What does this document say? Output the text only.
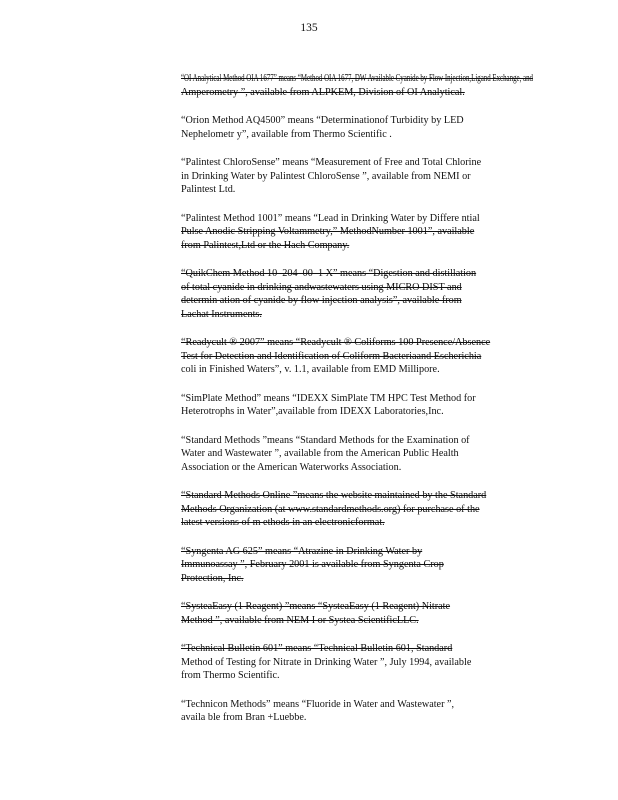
135
“OI Analytical Method OIA 1677” means “Method OIA 1677, DW Available Cyanide by Flow Injection,Ligand Exchange, and
Amperometry ”, available from ALPKEM, Division of OI Analytical.
“Orion Method AQ4500” means “Determinationof Turbidity by LED
Nephelometr y”, available from Thermo Scientific .
“Palintest ChloroSense” means “Measurement of Free and Total Chlorine
in Drinking Water by Palintest ChloroSense ”, available from NEMI or
Palintest Ltd.
“Palintest Method 1001” means “Lead in Drinking Water by Differe ntial
Pulse Anodic Stripping Voltammetry,” MethodNumber 1001”, available
from Palintest,Ltd or the Hach Company.
“QuikChem Method 10–204–00–1 X” means “Digestion and distillation
of total cyanide in drinking andwastewaters using MICRO DIST and
determin ation of cyanide by flow injection analysis”, available from
Lachat Instruments.
“Readycult ® 2007” means “Readycult ® Coliforms 100 Presence/Absence
Test for Detection and Identification of Coliform Bacteriaand Escherichia
coli in Finished Waters”, v. 1.1, available from EMD Millipore.
“SimPlate Method” means “IDEXX SimPlate TM HPC Test Method for
Heterotrophs in Water”,available from IDEXX Laboratories,Inc.
“Standard Methods ”means “Standard Methods for the Examination of
Water and Wastewater ”, available from the American Public Health
Association or the American Waterworks Association.
“Standard Methods Online ”means the website maintained by the Standard
Methods Organization (at www.standardmethods.org) for purchase of the
latest versions of m ethods in an electronicformat.
“Syngenta AG 625” means “Atrazine in Drinking Water by
Immunoassay ”, February 2001 is available from Syngenta Crop
Protection, Inc.
“SysteaEasy (1 Reagent) ”means “SysteaEasy (1 Reagent) Nitrate
Method ”, available from NEM I or Systea ScientificLLC.
“Technical Bulletin 601” means “Technical Bulletin 601, Standard
Method of Testing for Nitrate in Drinking Water ”, July 1994, available
from Thermo Scientific.
“Technicon Methods” means “Fluoride in Water and Wastewater ”,
availa ble from Bran +Luebbe.
